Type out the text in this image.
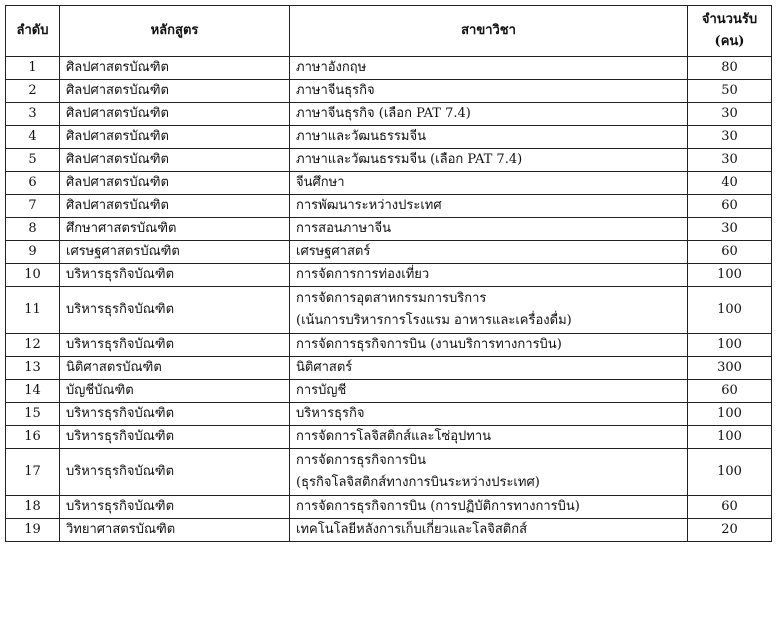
ลำดับ	หลักสูตร	สาขาวิชา	จำนวนรับ
(คน)

1	ศิลปศาสตรบัณฑิต	ภาษาอังกฤษ	80
2	ศิลปศาสตรบัณฑิต	ภาษาจีนธุรกิจ	50
3	ศิลปศาสตรบัณฑิต	ภาษาจีนธุรกิจ (เลือก PAT 7.4)	30
4	ศิลปศาสตรบัณฑิต	ภาษาและวัฒนธรรมจีน	30
5	ศิลปศาสตรบัณฑิต	ภาษาและวัฒนธรรมจีน (เลือก PAT 7.4)	30
6	ศิลปศาสตรบัณฑิต	จีนศึกษา	40
7	ศิลปศาสตรบัณฑิต	การพัฒนาระหว่างประเทศ	60
8	ศึกษาศาสตรบัณฑิต	การสอนภาษาจีน	30
9	เศรษฐศาสตรบัณฑิต	เศรษฐศาสตร์	60
10	บริหารธุรกิจบัณฑิต	การจัดการการท่องเที่ยว	100
11	บริหารธุรกิจบัณฑิต	การจัดการอุตสาหกรรมการบริการ
(เน้นการบริหารการโรงแรม อาหารและเครื่องดื่ม)	100
12	บริหารธุรกิจบัณฑิต	การจัดการธุรกิจการบิน (งานบริการทางการบิน)	100
13	นิติศาสตรบัณฑิต	นิติศาสตร์	300
14	บัญชีบัณฑิต	การบัญชี	60
15	บริหารธุรกิจบัณฑิต	บริหารธุรกิจ	100
16	บริหารธุรกิจบัณฑิต	การจัดการโลจิสติกส์และโซ่อุปทาน	100
17	บริหารธุรกิจบัณฑิต	การจัดการธุรกิจการบิน
(ธุรกิจโลจิสติกส์ทางการบินระหว่างประเทศ)	100
18	บริหารธุรกิจบัณฑิต	การจัดการธุรกิจการบิน (การปฏิบัติการทางการบิน)	60
19	วิทยาศาสตรบัณฑิต	เทคโนโลยีหลังการเก็บเกี่ยวและโลจิสติกส์	20
